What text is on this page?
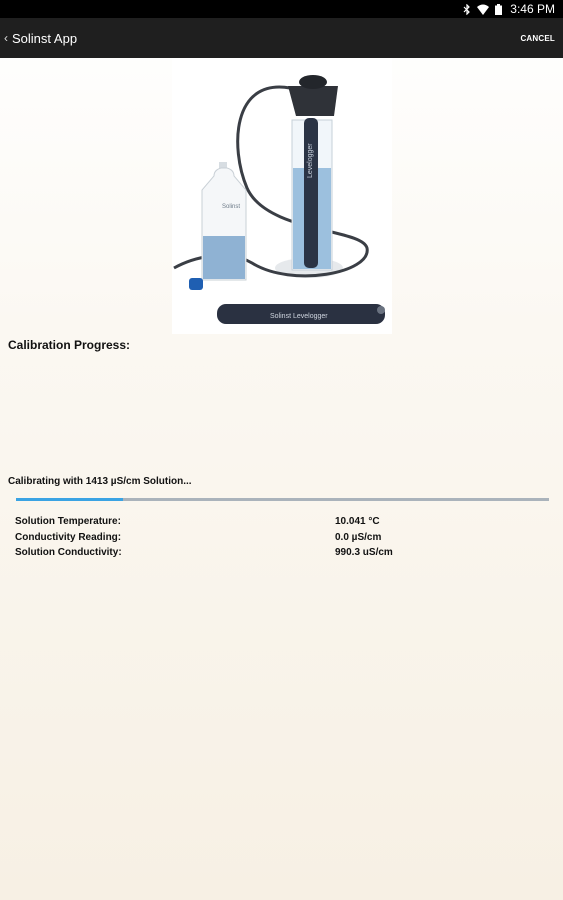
3:46 PM
‹ Solinst App	CANCEL
Levelogger
Solinst Levelogger
Solinst
Calibration Progress:
Calibrating with 1413 µS/cm Solution...
Solution Temperature:	10.041 °C
Conductivity Reading:	0.0 µS/cm
Solution Conductivity:	990.3 uS/cm
